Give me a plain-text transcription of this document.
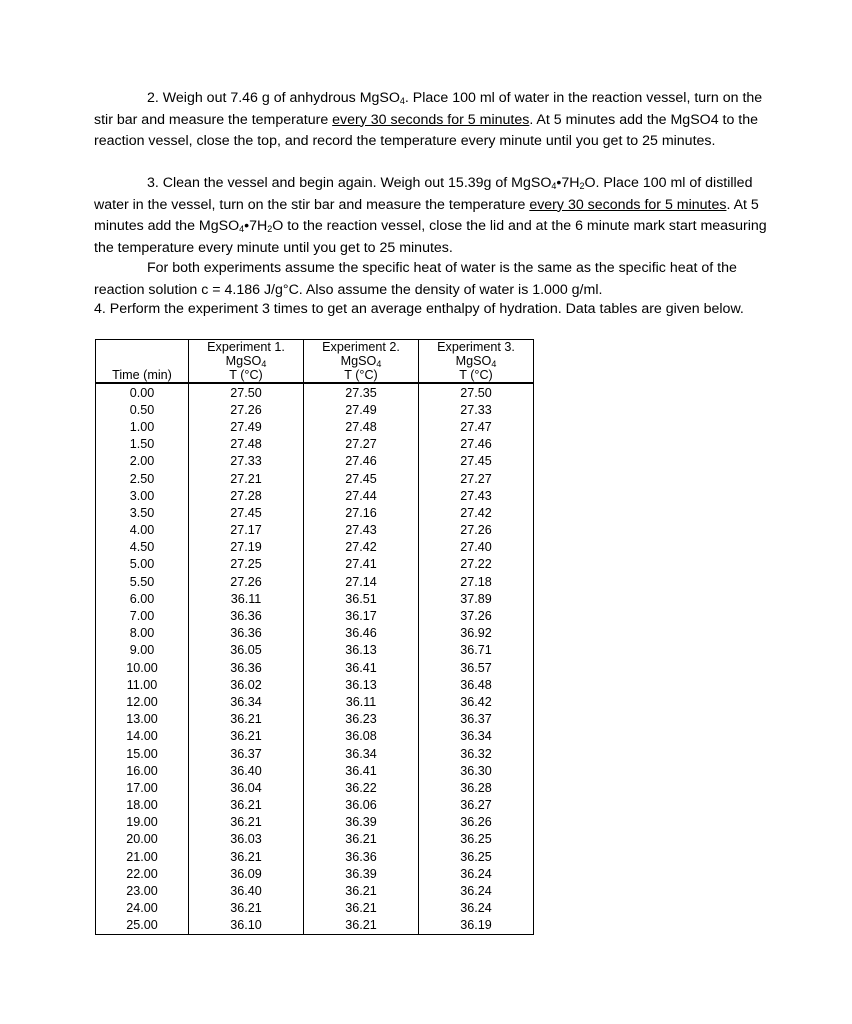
2. Weigh out 7.46 g of anhydrous MgSO$_4$. Place 100 ml of water in the reaction vessel, turn on the stir bar and measure the temperature every 30 seconds for 5 minutes. At 5 minutes add the MgSO4 to the reaction vessel, close the top, and record the temperature every minute until you get to 25 minutes.

3. Clean the vessel and begin again. Weigh out 15.39g of $MgSO_4•7H_2O$. Place 100 ml of distilled water in the vessel, turn on the stir bar and measure the temperature every 30 seconds for 5 minutes. At 5 minutes add the $MgSO_4•7H_2O$ to the reaction vessel, close the lid and at the 6 minute mark start measuring the temperature every minute until you get to 25 minutes.

For both experiments assume the specific heat of water is the same as the specific heat of the reaction solution c = 4.186 J/g°C. Also assume the density of water is 1.000 g/ml.

4. Perform the experiment 3 times to get an average enthalpy of hydration. Data tables are given below.

	Experiment 1.	Experiment 2.	Experiment 3.
	MgSO$_4$	MgSO$_4$	MgSO$_4$
Time (min)	T (°C)	T (°C)	T (°C)
0.00	27.50	27.35	27.50
0.50	27.26	27.49	27.33
1.00	27.49	27.48	27.47
1.50	27.48	27.27	27.46
2.00	27.33	27.46	27.45
2.50	27.21	27.45	27.27
3.00	27.28	27.44	27.43
3.50	27.45	27.16	27.42
4.00	27.17	27.43	27.26
4.50	27.19	27.42	27.40
5.00	27.25	27.41	27.22
5.50	27.26	27.14	27.18
6.00	36.11	36.51	37.89
7.00	36.36	36.17	37.26
8.00	36.36	36.46	36.92
9.00	36.05	36.13	36.71
10.00	36.36	36.41	36.57
11.00	36.02	36.13	36.48
12.00	36.34	36.11	36.42
13.00	36.21	36.23	36.37
14.00	36.21	36.08	36.34
15.00	36.37	36.34	36.32
16.00	36.40	36.41	36.30
17.00	36.04	36.22	36.28
18.00	36.21	36.06	36.27
19.00	36.21	36.39	36.26
20.00	36.03	36.21	36.25
21.00	36.21	36.36	36.25
22.00	36.09	36.39	36.24
23.00	36.40	36.21	36.24
24.00	36.21	36.21	36.24
25.00	36.10	36.21	36.19
